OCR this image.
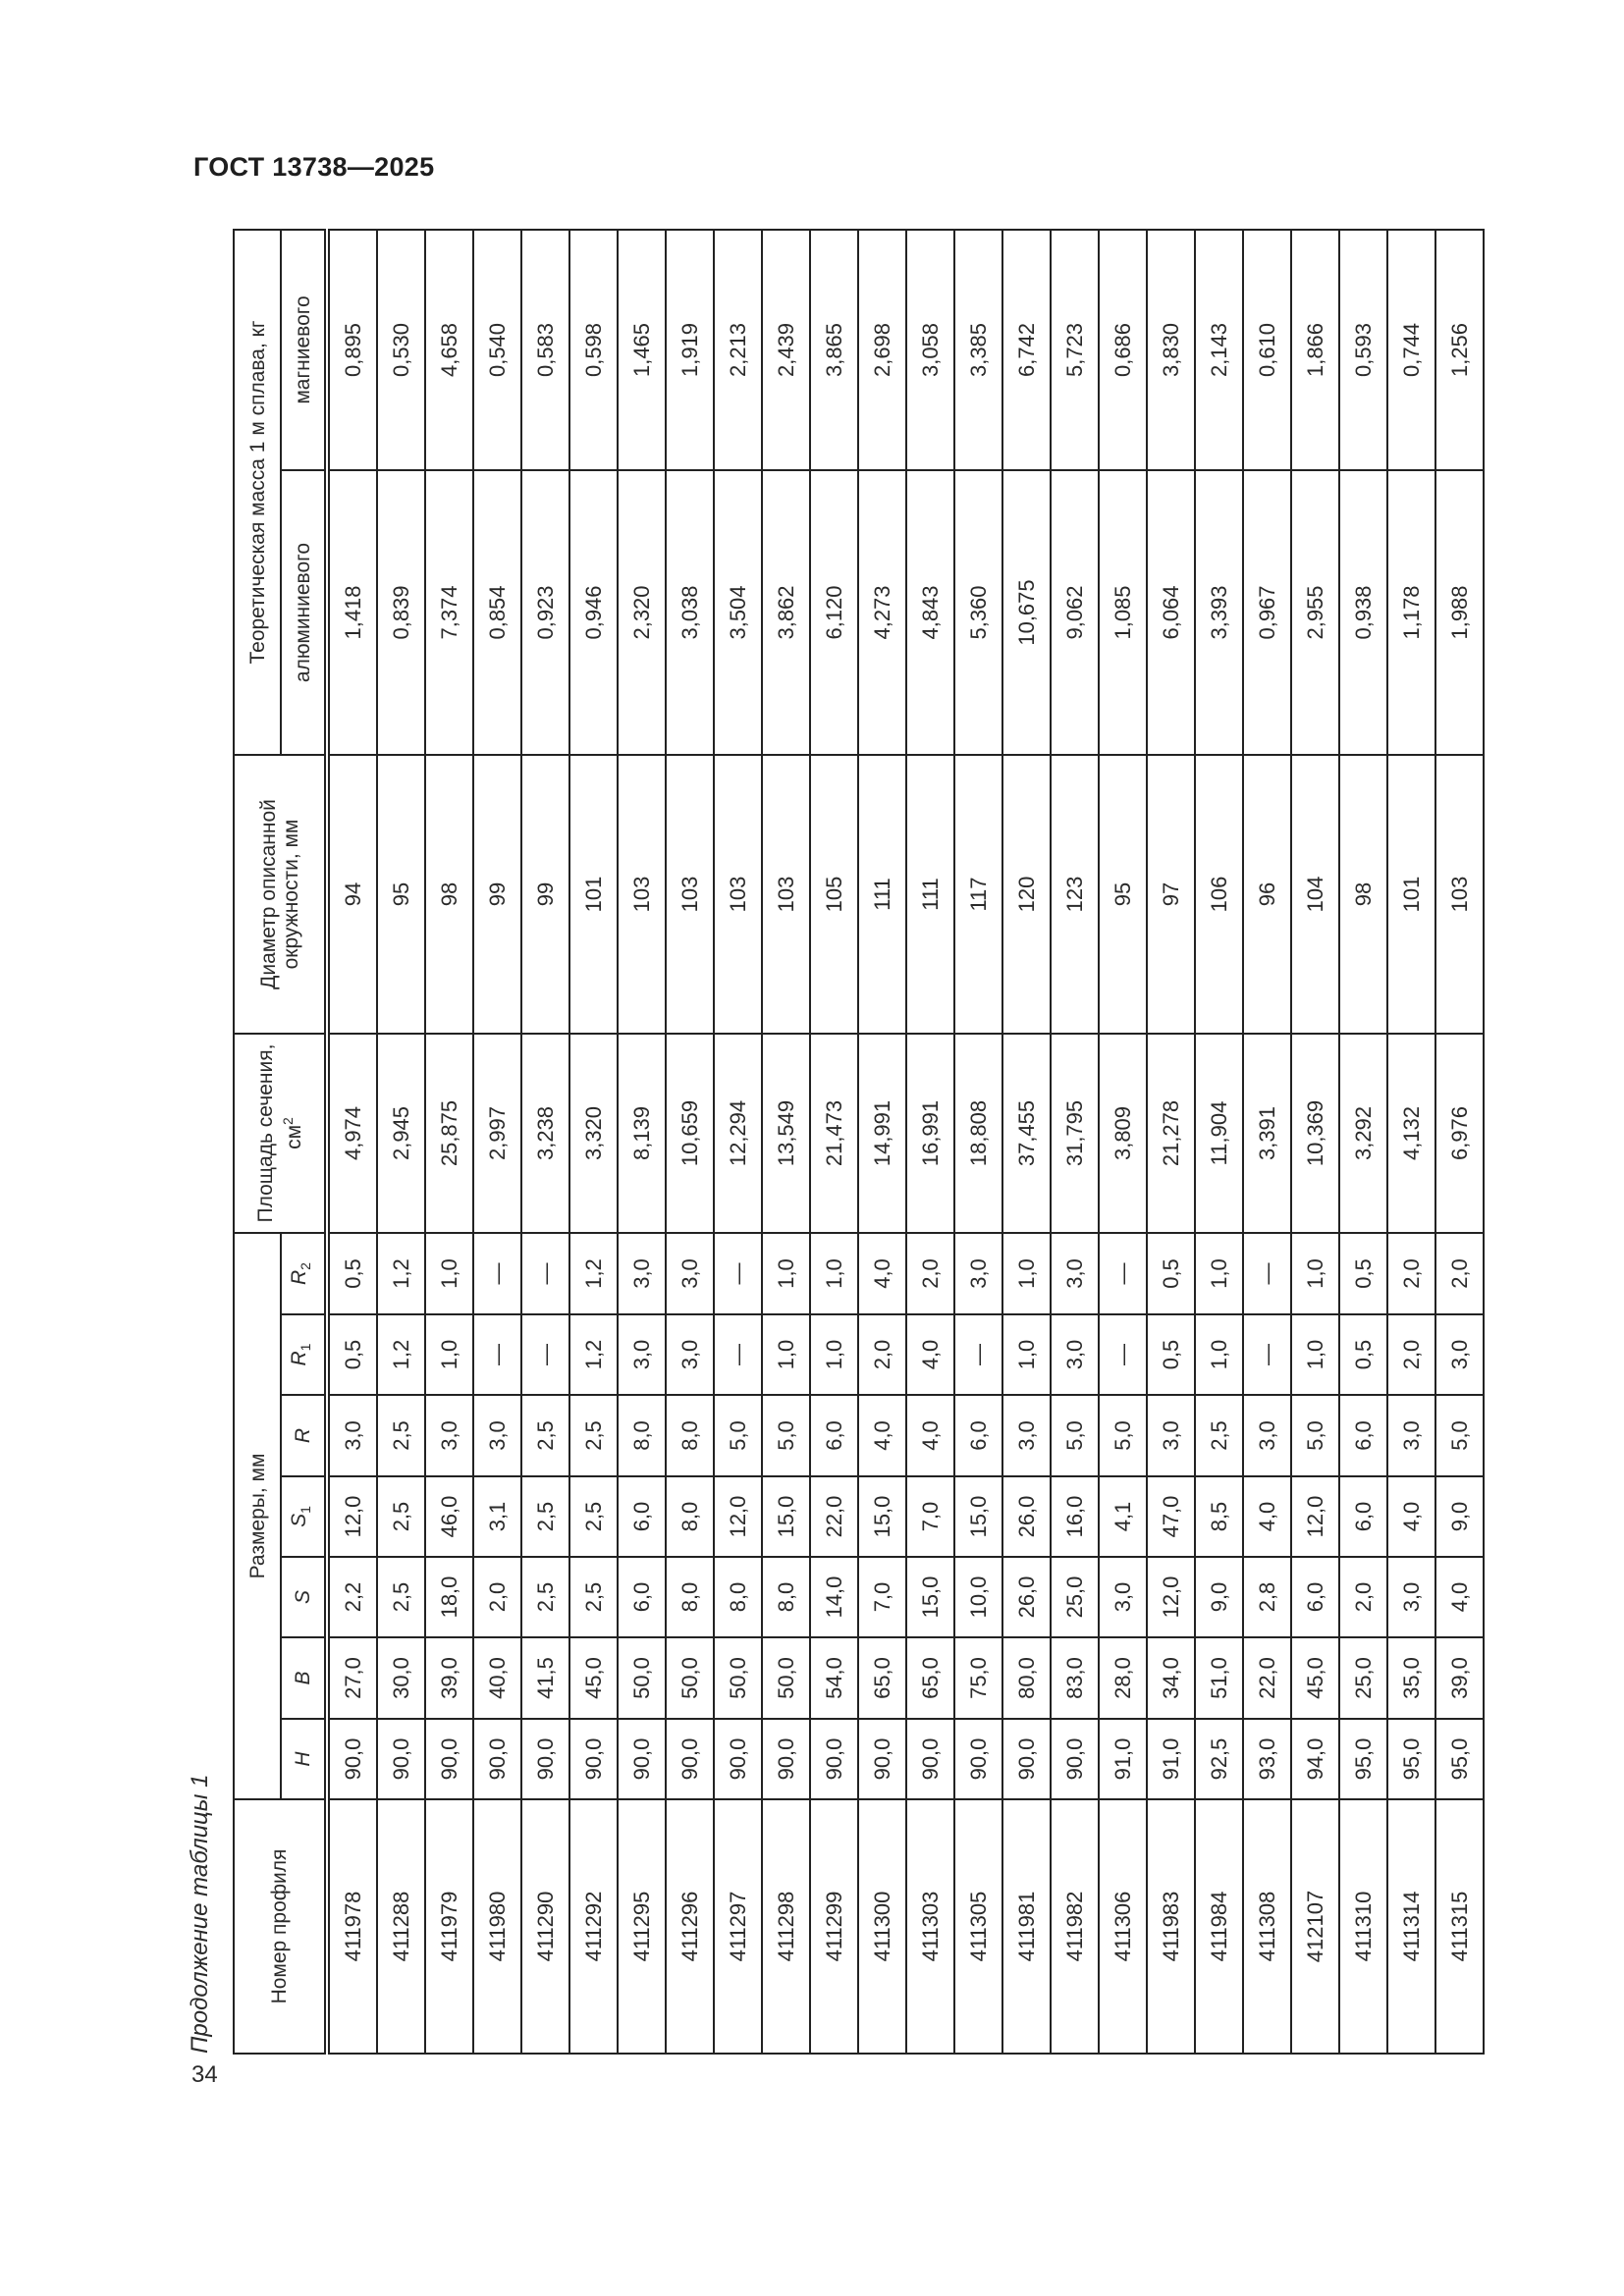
ГОСТ 13738—2025
Продолжение таблицы 1
34
Номер профиля	Размеры, мм							Площадь сечения, $см^2$	Диаметр описанной окружности, мм	Теоретическая масса 1 м сплава, кг	
	H	B	S	$S_1$	R	$R_1$	$R_2$			алюминиевого	магниевого
411978	90,0	27,0	2,2	12,0	3,0	0,5	0,5	4,974	94	1,418	0,895
411288	90,0	30,0	2,5	2,5	2,5	1,2	1,2	2,945	95	0,839	0,530
411979	90,0	39,0	18,0	46,0	3,0	1,0	1,0	25,875	98	7,374	4,658
411980	90,0	40,0	2,0	3,1	3,0	—	—	2,997	99	0,854	0,540
411290	90,0	41,5	2,5	2,5	2,5	—	—	3,238	99	0,923	0,583
411292	90,0	45,0	2,5	2,5	2,5	1,2	1,2	3,320	101	0,946	0,598
411295	90,0	50,0	6,0	6,0	8,0	3,0	3,0	8,139	103	2,320	1,465
411296	90,0	50,0	8,0	8,0	8,0	3,0	3,0	10,659	103	3,038	1,919
411297	90,0	50,0	8,0	12,0	5,0	—	—	12,294	103	3,504	2,213
411298	90,0	50,0	8,0	15,0	5,0	1,0	1,0	13,549	103	3,862	2,439
411299	90,0	54,0	14,0	22,0	6,0	1,0	1,0	21,473	105	6,120	3,865
411300	90,0	65,0	7,0	15,0	4,0	2,0	4,0	14,991	111	4,273	2,698
411303	90,0	65,0	15,0	7,0	4,0	4,0	2,0	16,991	111	4,843	3,058
411305	90,0	75,0	10,0	15,0	6,0	—	3,0	18,808	117	5,360	3,385
411981	90,0	80,0	26,0	26,0	3,0	1,0	1,0	37,455	120	10,675	6,742
411982	90,0	83,0	25,0	16,0	5,0	3,0	3,0	31,795	123	9,062	5,723
411306	91,0	28,0	3,0	4,1	5,0	—	—	3,809	95	1,085	0,686
411983	91,0	34,0	12,0	47,0	3,0	0,5	0,5	21,278	97	6,064	3,830
411984	92,5	51,0	9,0	8,5	2,5	1,0	1,0	11,904	106	3,393	2,143
411308	93,0	22,0	2,8	4,0	3,0	—	—	3,391	96	0,967	0,610
412107	94,0	45,0	6,0	12,0	5,0	1,0	1,0	10,369	104	2,955	1,866
411310	95,0	25,0	2,0	6,0	6,0	0,5	0,5	3,292	98	0,938	0,593
411314	95,0	35,0	3,0	4,0	3,0	2,0	2,0	4,132	101	1,178	0,744
411315	95,0	39,0	4,0	9,0	5,0	3,0	2,0	6,976	103	1,988	1,256
